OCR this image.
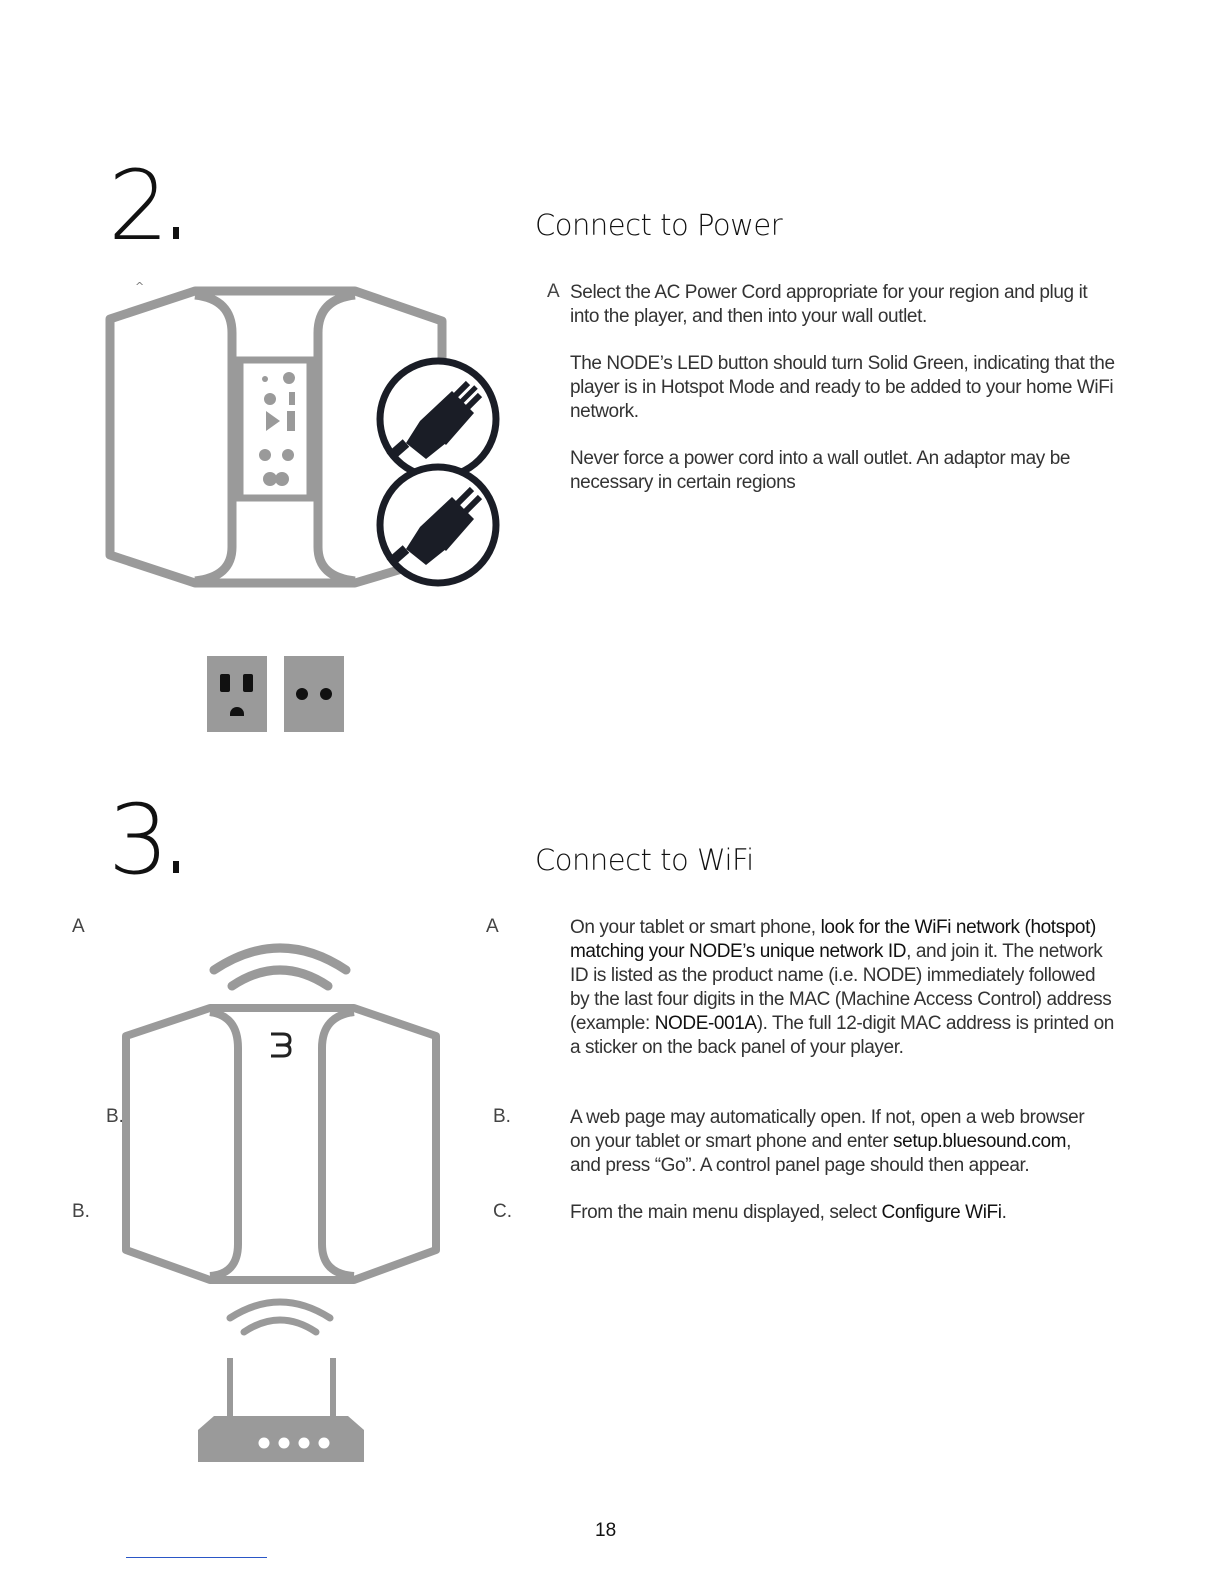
2	Connect to Power
A Select the AC Power Cord appropriate for your region and plug it into the player, and then into your wall outlet.
The NODE’s LED button should turn Solid Green, indicating that the player is in Hotspot Mode and ready to be added to your home WiFi network.
Never force a power cord into a wall outlet. An adaptor may be necessary in certain regions
^
3	Connect to WiFi
A
B.
B.
A	On your tablet or smart phone, look for the WiFi network (hotspot) matching your NODE’s unique network ID, and join it. The network ID is listed as the product name (i.e. NODE) immediately followed by the last four digits in the MAC (Machine Access Control) address (example: NODE-001A). The full 12-digit MAC address is printed on a sticker on the back panel of your player.
B.	A web page may automatically open. If not, open a web browser on your tablet or smart phone and enter setup.bluesound.com, and press “Go”. A control panel page should then appear.
C.	From the main menu displayed, select Configure WiFi.
18
